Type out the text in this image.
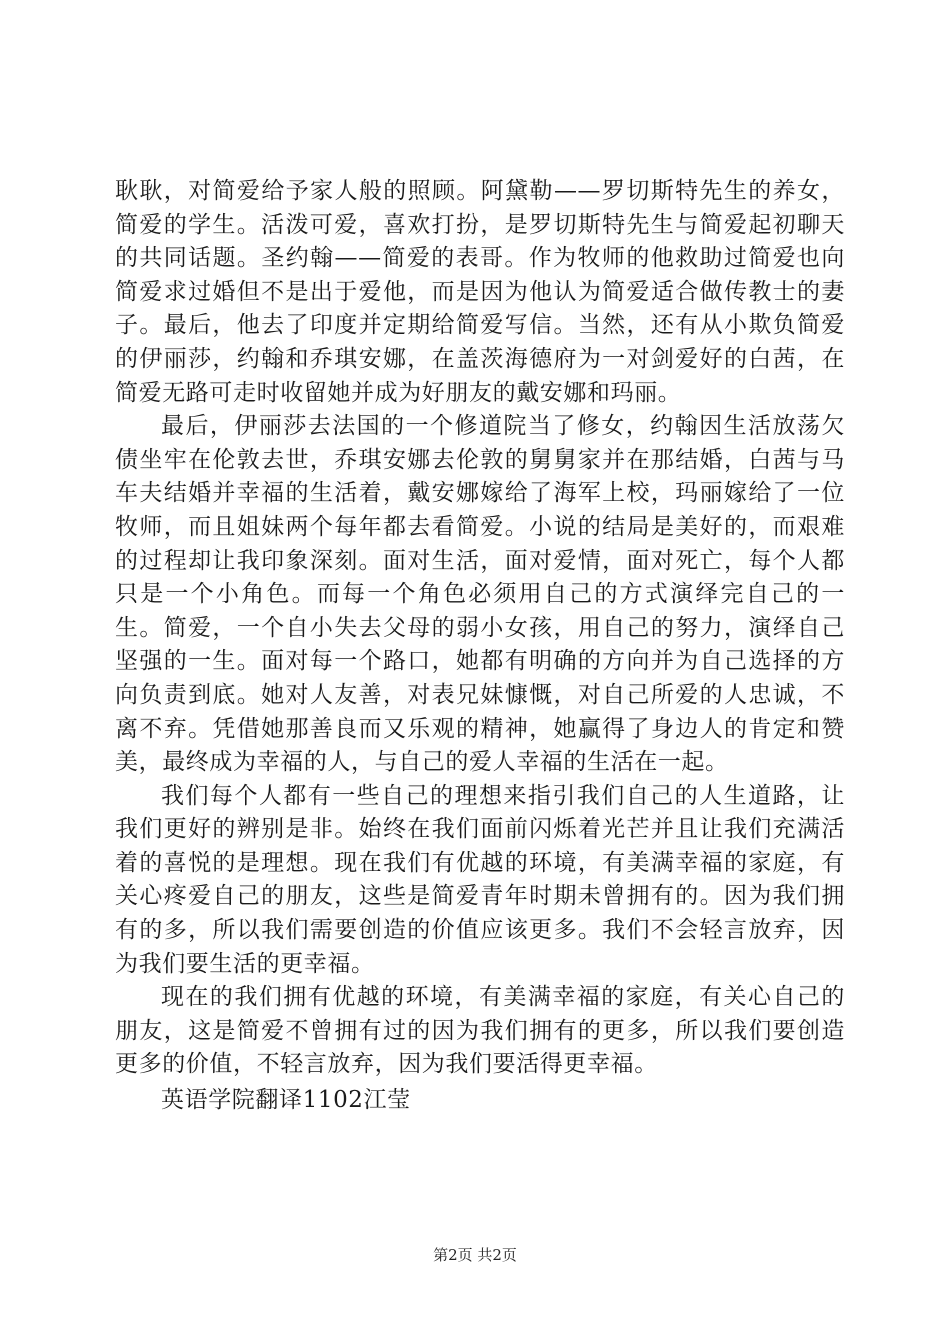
耿耿，对简爱给予家人般的照顾。阿黛勒——罗切斯特先生的养女，简爱的学生。活泼可爱，喜欢打扮，是罗切斯特先生与简爱起初聊天的共同话题。圣约翰——简爱的表哥。作为牧师的他救助过简爱也向简爱求过婚但不是出于爱他，而是因为他认为简爱适合做传教士的妻子。最后，他去了印度并定期给简爱写信。当然，还有从小欺负简爱的伊丽莎，约翰和乔琪安娜，在盖茨海德府为一对剑爱好的白茜，在简爱无路可走时收留她并成为好朋友的戴安娜和玛丽。

最后，伊丽莎去法国的一个修道院当了修女，约翰因生活放荡欠债坐牢在伦敦去世，乔琪安娜去伦敦的舅舅家并在那结婚，白茜与马车夫结婚并幸福的生活着，戴安娜嫁给了海军上校，玛丽嫁给了一位牧师，而且姐妹两个每年都去看简爱。小说的结局是美好的，而艰难的过程却让我印象深刻。面对生活，面对爱情，面对死亡，每个人都只是一个小角色。而每一个角色必须用自己的方式演绎完自己的一生。简爱，一个自小失去父母的弱小女孩，用自己的努力，演绎自己坚强的一生。面对每一个路口，她都有明确的方向并为自己选择的方向负责到底。她对人友善，对表兄妹慷慨，对自己所爱的人忠诚，不离不弃。凭借她那善良而又乐观的精神，她赢得了身边人的肯定和赞美，最终成为幸福的人，与自己的爱人幸福的生活在一起。

我们每个人都有一些自己的理想来指引我们自己的人生道路，让我们更好的辨别是非。始终在我们面前闪烁着光芒并且让我们充满活着的喜悦的是理想。现在我们有优越的环境，有美满幸福的家庭，有关心疼爱自己的朋友，这些是简爱青年时期未曾拥有的。因为我们拥有的多，所以我们需要创造的价值应该更多。我们不会轻言放弃，因为我们要生活的更幸福。

现在的我们拥有优越的环境，有美满幸福的家庭，有关心自己的朋友，这是简爱不曾拥有过的因为我们拥有的更多，所以我们要创造更多的价值，不轻言放弃，因为我们要活得更幸福。

英语学院翻译1102江莹

第2页 共2页
